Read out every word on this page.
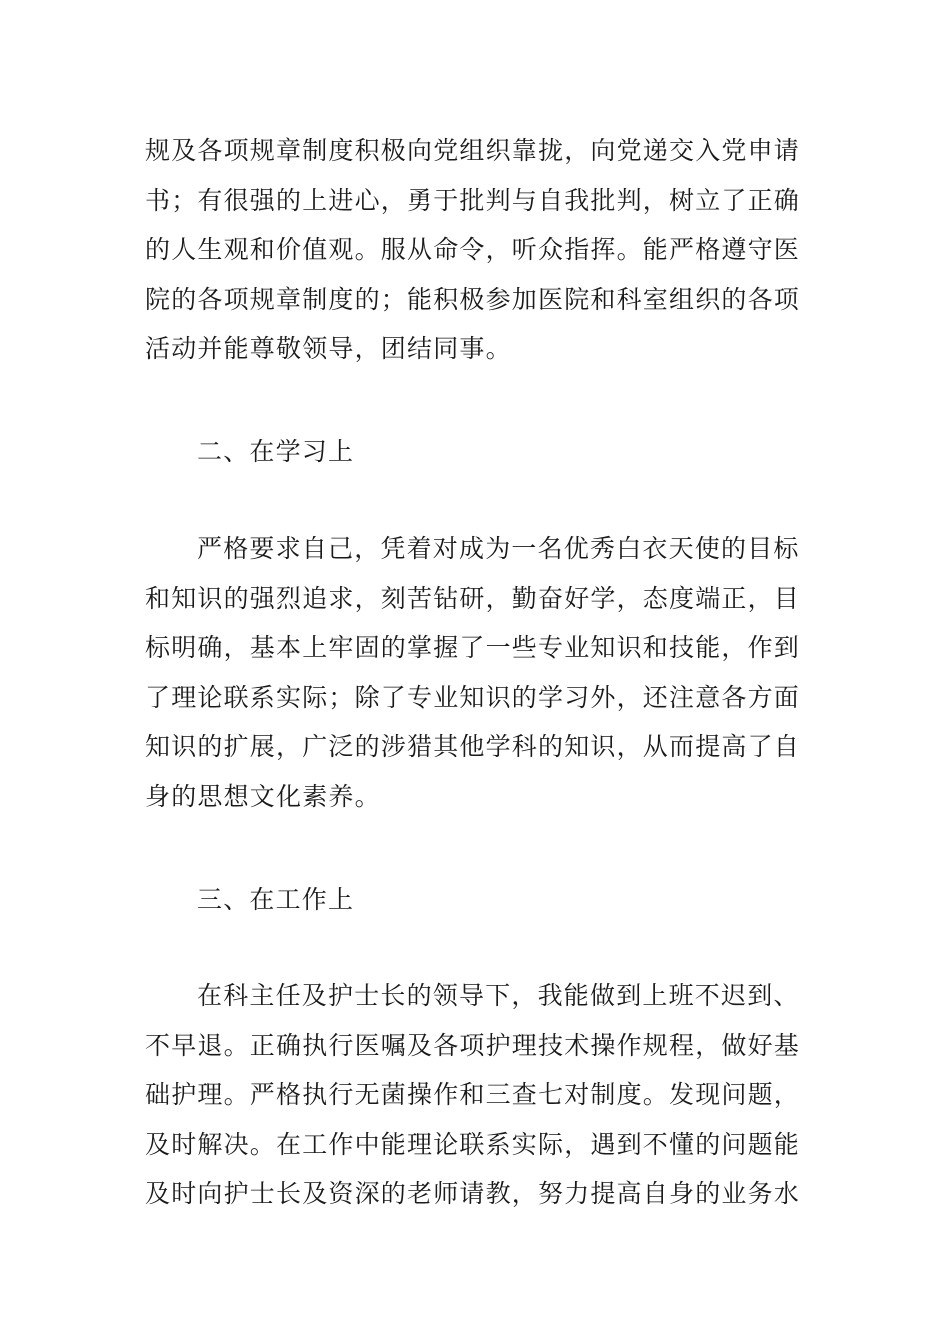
规及各项规章制度积极向党组织靠拢，向党递交入党申请
书；有很强的上进心，勇于批判与自我批判，树立了正确
的人生观和价值观。服从命令，听众指挥。能严格遵守医
院的各项规章制度的；能积极参加医院和科室组织的各项
活动并能尊敬领导，团结同事。
二、在学习上
严格要求自己，凭着对成为一名优秀白衣天使的目标
和知识的强烈追求，刻苦钻研，勤奋好学，态度端正，目
标明确，基本上牢固的掌握了一些专业知识和技能，作到
了理论联系实际；除了专业知识的学习外，还注意各方面
知识的扩展，广泛的涉猎其他学科的知识，从而提高了自
身的思想文化素养。
三、在工作上
在科主任及护士长的领导下，我能做到上班不迟到、
不早退。正确执行医嘱及各项护理技术操作规程，做好基
础护理。严格执行无菌操作和三查七对制度。发现问题，
及时解决。在工作中能理论联系实际，遇到不懂的问题能
及时向护士长及资深的老师请教，努力提高自身的业务水
